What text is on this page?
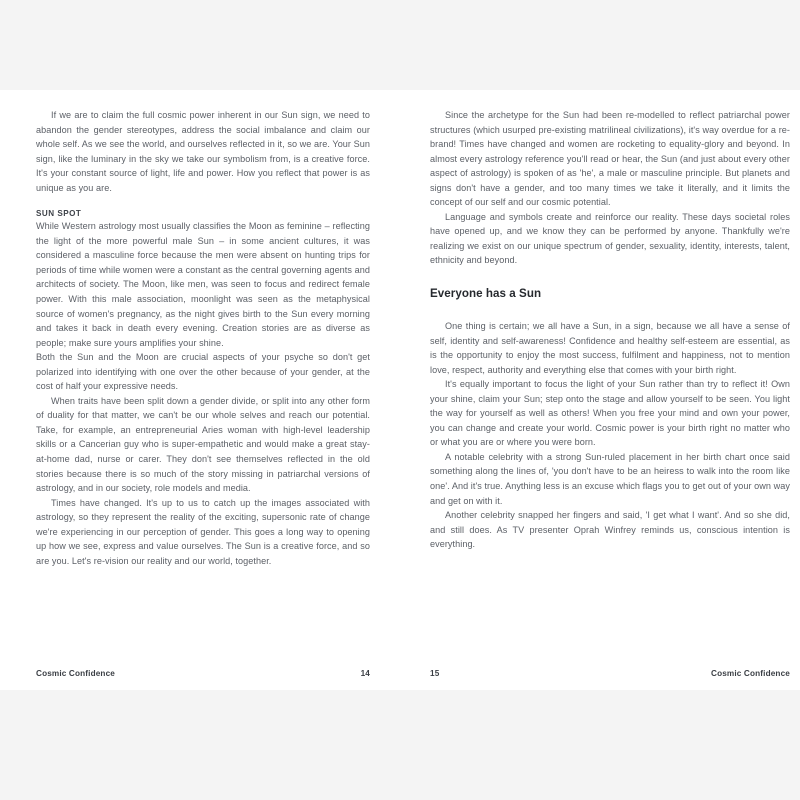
If we are to claim the full cosmic power inherent in our Sun sign, we need to abandon the gender stereotypes, address the social imbalance and claim our whole self. As we see the world, and ourselves reflected in it, so we are. Your Sun sign, like the luminary in the sky we take our symbolism from, is a creative force. It's your constant source of light, life and power. How you reflect that power is as unique as you are.

SUN SPOT

While Western astrology most usually classifies the Moon as feminine – reflecting the light of the more powerful male Sun – in some ancient cultures, it was considered a masculine force because the men were absent on hunting trips for periods of time while women were a constant as the central governing agents and architects of society. The Moon, like men, was seen to focus and redirect female power. With this male association, moonlight was seen as the metaphysical source of women's pregnancy, as the night gives birth to the Sun every morning and takes it back in death every evening. Creation stories are as diverse as people; make sure yours amplifies your shine.

Both the Sun and the Moon are crucial aspects of your psyche so don't get polarized into identifying with one over the other because of your gender, at the cost of half your expressive needs.

When traits have been split down a gender divide, or split into any other form of duality for that matter, we can't be our whole selves and reach our potential. Take, for example, an entrepreneurial Aries woman with high-level leadership skills or a Cancerian guy who is super-empathetic and would make a great stay-at-home dad, nurse or carer. They don't see themselves reflected in the old stories because there is so much of the story missing in patriarchal versions of astrology, and in our society, role models and media.

Times have changed. It's up to us to catch up the images associated with astrology, so they represent the reality of the exciting, supersonic rate of change we're experiencing in our perception of gender. This goes a long way to opening up how we see, express and value ourselves. The Sun is a creative force, and so are you. Let's re-vision our reality and our world, together.

Cosmic Confidence	14

Since the archetype for the Sun had been re-modelled to reflect patriarchal power structures (which usurped pre-existing matrilineal civilizations), it's way overdue for a re-brand! Times have changed and women are rocketing to equality-glory and beyond. In almost every astrology reference you'll read or hear, the Sun (and just about every other aspect of astrology) is spoken of as 'he', a male or masculine principle. But planets and signs don't have a gender, and too many times we take it literally, and it limits the concept of our self and our cosmic potential.

Language and symbols create and reinforce our reality. These days societal roles have opened up, and we know they can be performed by anyone. Thankfully we're realizing we exist on our unique spectrum of gender, sexuality, identity, interests, talent, ethnicity and beyond.

Everyone has a Sun

One thing is certain; we all have a Sun, in a sign, because we all have a sense of self, identity and self-awareness! Confidence and healthy self-esteem are essential, as is the opportunity to enjoy the most success, fulfilment and happiness, not to mention love, respect, authority and everything else that comes with your birth right.

It's equally important to focus the light of your Sun rather than try to reflect it! Own your shine, claim your Sun; step onto the stage and allow yourself to be seen. You light the way for yourself as well as others! When you free your mind and own your power, you can change and create your world. Cosmic power is your birth right no matter who or what you are or where you were born.

A notable celebrity with a strong Sun-ruled placement in her birth chart once said something along the lines of, 'you don't have to be an heiress to walk into the room like one'. And it's true. Anything less is an excuse which flags you to get out of your own way and get on with it.

Another celebrity snapped her fingers and said, 'I get what I want'. And so she did, and still does. As TV presenter Oprah Winfrey reminds us, conscious intention is everything.

15	Cosmic Confidence
